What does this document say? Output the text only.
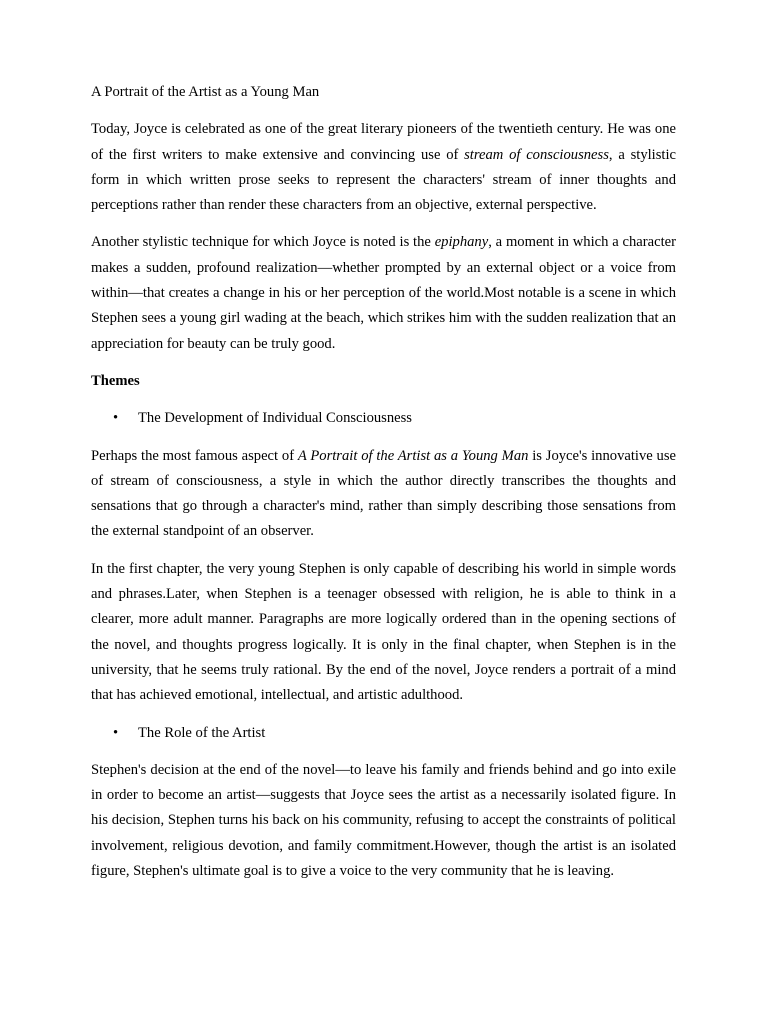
A Portrait of the Artist as a Young Man

Today, Joyce is celebrated as one of the great literary pioneers of the twentieth century. He was one of the first writers to make extensive and convincing use of stream of consciousness, a stylistic form in which written prose seeks to represent the characters' stream of inner thoughts and perceptions rather than render these characters from an objective, external perspective.

Another stylistic technique for which Joyce is noted is the epiphany, a moment in which a character makes a sudden, profound realization—whether prompted by an external object or a voice from within—that creates a change in his or her perception of the world.Most notable is a scene in which Stephen sees a young girl wading at the beach, which strikes him with the sudden realization that an appreciation for beauty can be truly good.

Themes

• The Development of Individual Consciousness

Perhaps the most famous aspect of A Portrait of the Artist as a Young Man is Joyce's innovative use of stream of consciousness, a style in which the author directly transcribes the thoughts and sensations that go through a character's mind, rather than simply describing those sensations from the external standpoint of an observer.

In the first chapter, the very young Stephen is only capable of describing his world in simple words and phrases.Later, when Stephen is a teenager obsessed with religion, he is able to think in a clearer, more adult manner. Paragraphs are more logically ordered than in the opening sections of the novel, and thoughts progress logically. It is only in the final chapter, when Stephen is in the university, that he seems truly rational. By the end of the novel, Joyce renders a portrait of a mind that has achieved emotional, intellectual, and artistic adulthood.

• The Role of the Artist

Stephen's decision at the end of the novel—to leave his family and friends behind and go into exile in order to become an artist—suggests that Joyce sees the artist as a necessarily isolated figure. In his decision, Stephen turns his back on his community, refusing to accept the constraints of political involvement, religious devotion, and family commitment.However, though the artist is an isolated figure, Stephen's ultimate goal is to give a voice to the very community that he is leaving.
